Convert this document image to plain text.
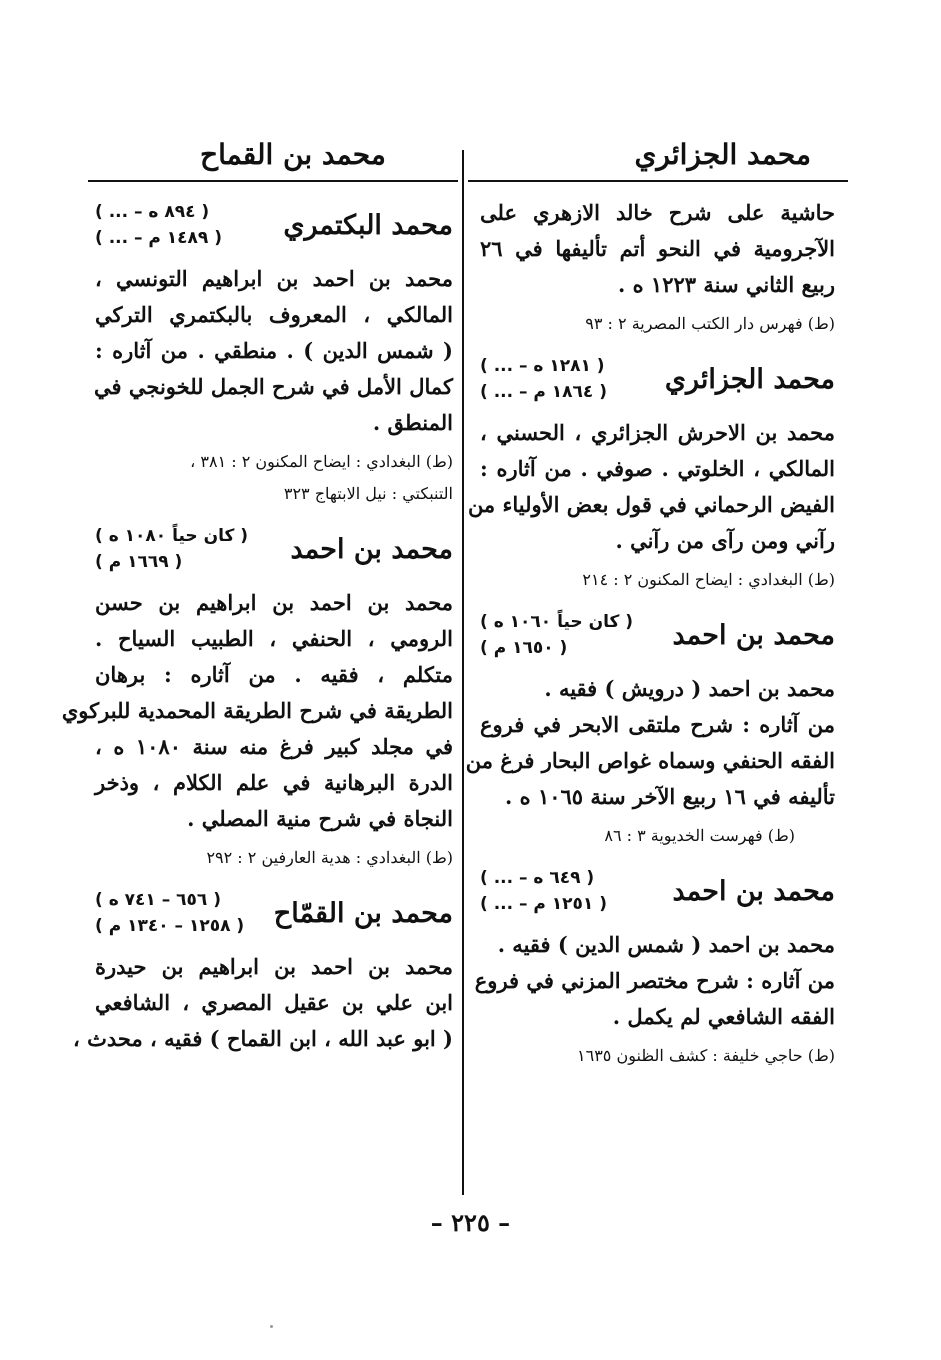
محمد الجزائري
محمد بن القماح
حاشية على شرح خالد الازهري على
الآجرومية في النحو أتم تأليفها في ٢٦
ربيع الثاني سنة ١٢٢٣ ه .
(ط) فهرس دار الكتب المصرية ٢ : ٩٣
محمد الجزائري
( ... – ١٢٨١ ه )
( ... – ١٨٦٤ م )
محمد بن الاحرش الجزائري ، الحسني ،
المالكي ، الخلوتي . صوفي . من آثاره :
الفيض الرحماني في قول بعض الأولياء من
رآني ومن رآى من رآني .
(ط) البغدادي : ايضاح المكنون ٢ : ٢١٤
محمد بن احمد
( كان حياً ١٠٦٠ ه )
( ١٦٥٠ م )
محمد بن احمد ( درويش ) فقيه .
من آثاره : شرح ملتقى الابحر في فروع
الفقه الحنفي وسماه غواص البحار فرغ من
تأليفه في ١٦ ربيع الآخر سنة ١٠٦٥ ه .
(ط) فهرست الخديوية ٣ : ٨٦
محمد بن احمد
( ... – ٦٤٩ ه )
( ... – ١٢٥١ م )
محمد بن احمد ( شمس الدين ) فقيه .
من آثاره : شرح مختصر المزني في فروع
الفقه الشافعي لم يكمل .
(ط) حاجي خليفة : كشف الظنون ١٦٣٥
محمد البكتمري
( ... – ٨٩٤ ه )
( ... – ١٤٨٩ م )
محمد بن احمد بن ابراهيم التونسي ،
المالكي ، المعروف بالبكتمري التركي
( شمس الدين ) . منطقي . من آثاره :
كمال الأمل في شرح الجمل للخونجي في
المنطق .
(ط) البغدادي : ايضاح المكنون ٢ : ٣٨١ ،
التنبكتي : نيل الابتهاج ٣٢٣
محمد بن احمد
( كان حياً ١٠٨٠ ه )
( ١٦٦٩ م )
محمد بن احمد بن ابراهيم بن حسن
الرومي ، الحنفي ، الطبيب السياح .
متكلم ، فقيه . من آثاره : برهان
الطريقة في شرح الطريقة المحمدية للبركوي
في مجلد كبير فرغ منه سنة ١٠٨٠ ه ،
الدرة البرهانية في علم الكلام ، وذخر
النجاة في شرح منية المصلي .
(ط) البغدادي : هدية العارفين ٢ : ٢٩٢
محمد بن القمّاح
( ٦٥٦ – ٧٤١ ه )
( ١٢٥٨ – ١٣٤٠ م )
محمد بن احمد بن ابراهيم بن حيدرة
ابن علي بن عقيل المصري ، الشافعي
( ابو عبد الله ، ابن القماح ) فقيه ، محدث ،
– ٢٢٥ –
